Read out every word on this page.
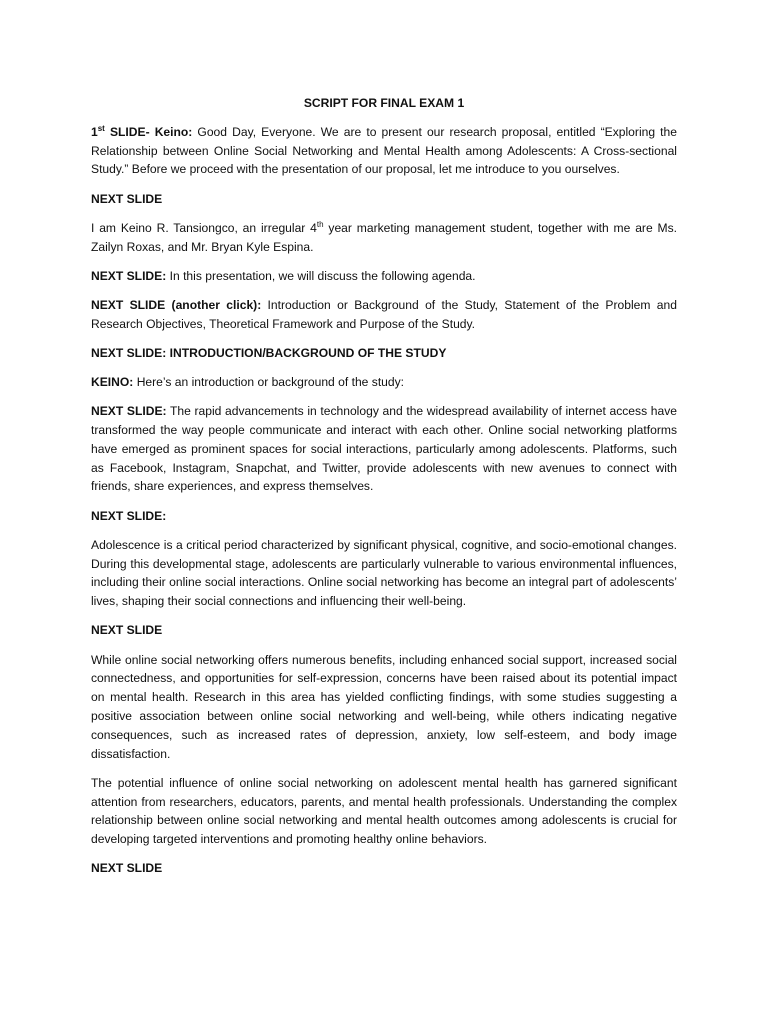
SCRIPT FOR FINAL EXAM 1

1st SLIDE- Keino: Good Day, Everyone. We are to present our research proposal, entitled “Exploring the Relationship between Online Social Networking and Mental Health among Adolescents: A Cross-sectional Study.” Before we proceed with the presentation of our proposal, let me introduce to you ourselves.

NEXT SLIDE

I am Keino R. Tansiongco, an irregular 4th year marketing management student, together with me are Ms. Zailyn Roxas, and Mr. Bryan Kyle Espina.

NEXT SLIDE: In this presentation, we will discuss the following agenda.

NEXT SLIDE (another click): Introduction or Background of the Study, Statement of the Problem and Research Objectives, Theoretical Framework and Purpose of the Study.

NEXT SLIDE: INTRODUCTION/BACKGROUND OF THE STUDY

KEINO: Here’s an introduction or background of the study:

NEXT SLIDE: The rapid advancements in technology and the widespread availability of internet access have transformed the way people communicate and interact with each other. Online social networking platforms have emerged as prominent spaces for social interactions, particularly among adolescents. Platforms, such as Facebook, Instagram, Snapchat, and Twitter, provide adolescents with new avenues to connect with friends, share experiences, and express themselves.

NEXT SLIDE:

Adolescence is a critical period characterized by significant physical, cognitive, and socio-emotional changes. During this developmental stage, adolescents are particularly vulnerable to various environmental influences, including their online social interactions. Online social networking has become an integral part of adolescents’ lives, shaping their social connections and influencing their well-being.

NEXT SLIDE

While online social networking offers numerous benefits, including enhanced social support, increased social connectedness, and opportunities for self-expression, concerns have been raised about its potential impact on mental health. Research in this area has yielded conflicting findings, with some studies suggesting a positive association between online social networking and well-being, while others indicating negative consequences, such as increased rates of depression, anxiety, low self-esteem, and body image dissatisfaction.

The potential influence of online social networking on adolescent mental health has garnered significant attention from researchers, educators, parents, and mental health professionals. Understanding the complex relationship between online social networking and mental health outcomes among adolescents is crucial for developing targeted interventions and promoting healthy online behaviors.

NEXT SLIDE
